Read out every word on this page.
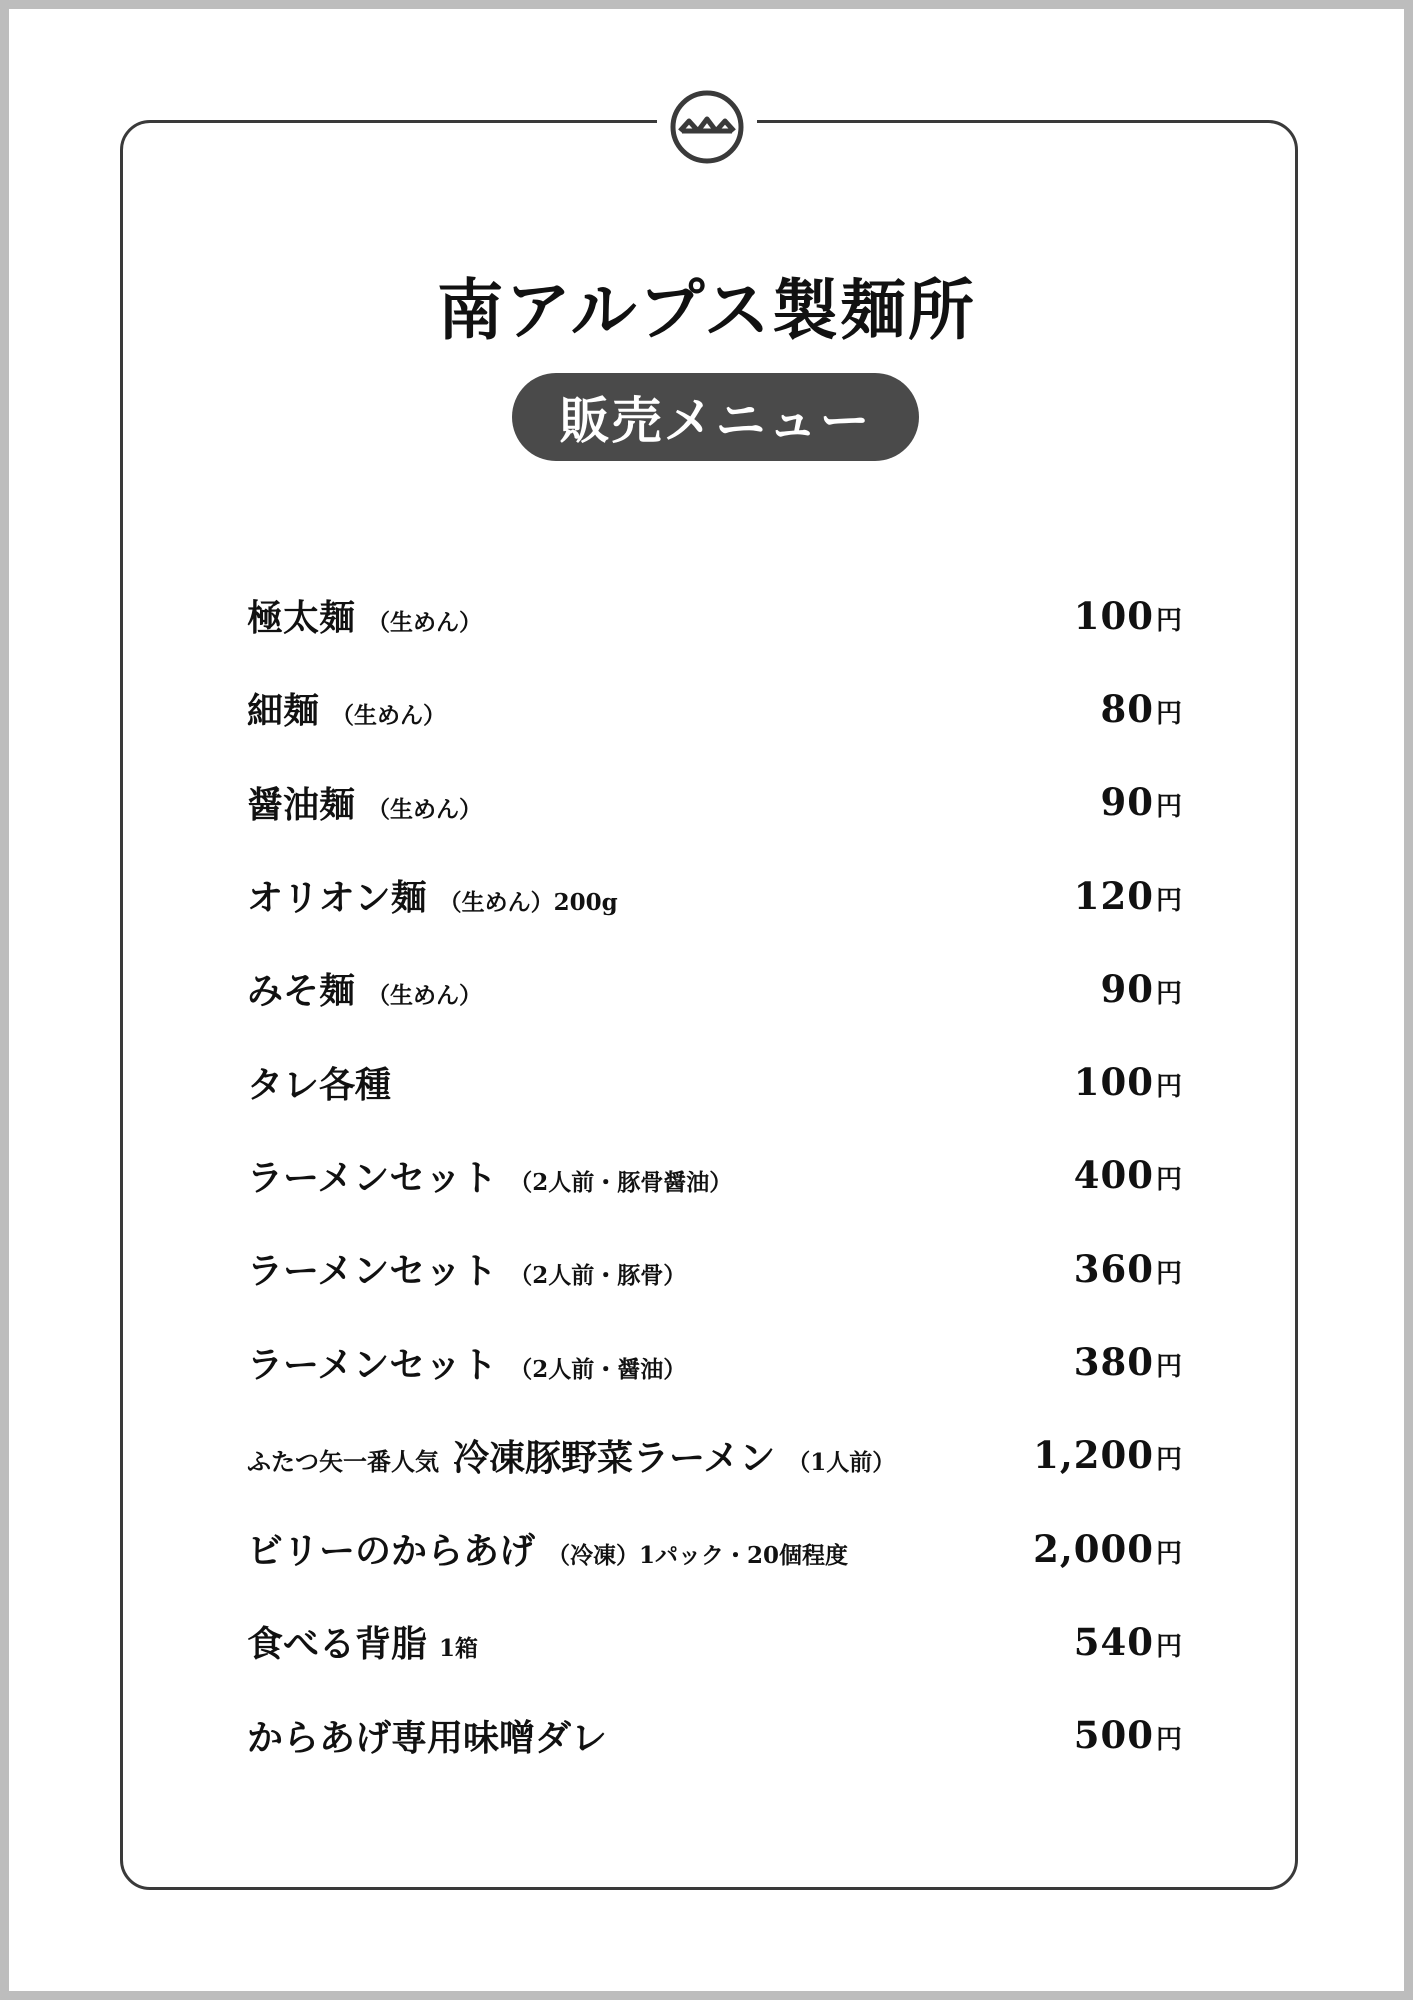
南アルプス製麺所
販売メニュー
極太麺 （生めん）	100 円
細麺 （生めん）	80 円
醤油麺 （生めん）	90 円
オリオン麺 （生めん）200g	120 円
みそ麺 （生めん）	90 円
タレ各種	100 円
ラーメンセット （2人前・豚骨醤油）	400 円
ラーメンセット （2人前・豚骨）	360 円
ラーメンセット （2人前・醤油）	380 円
ふたつ矢一番人気 冷凍豚野菜ラーメン （1人前）	1,200 円
ビリーのからあげ （冷凍）1パック・20個程度	2,000 円
食べる背脂 1箱	540 円
からあげ専用味噌ダレ	500 円
